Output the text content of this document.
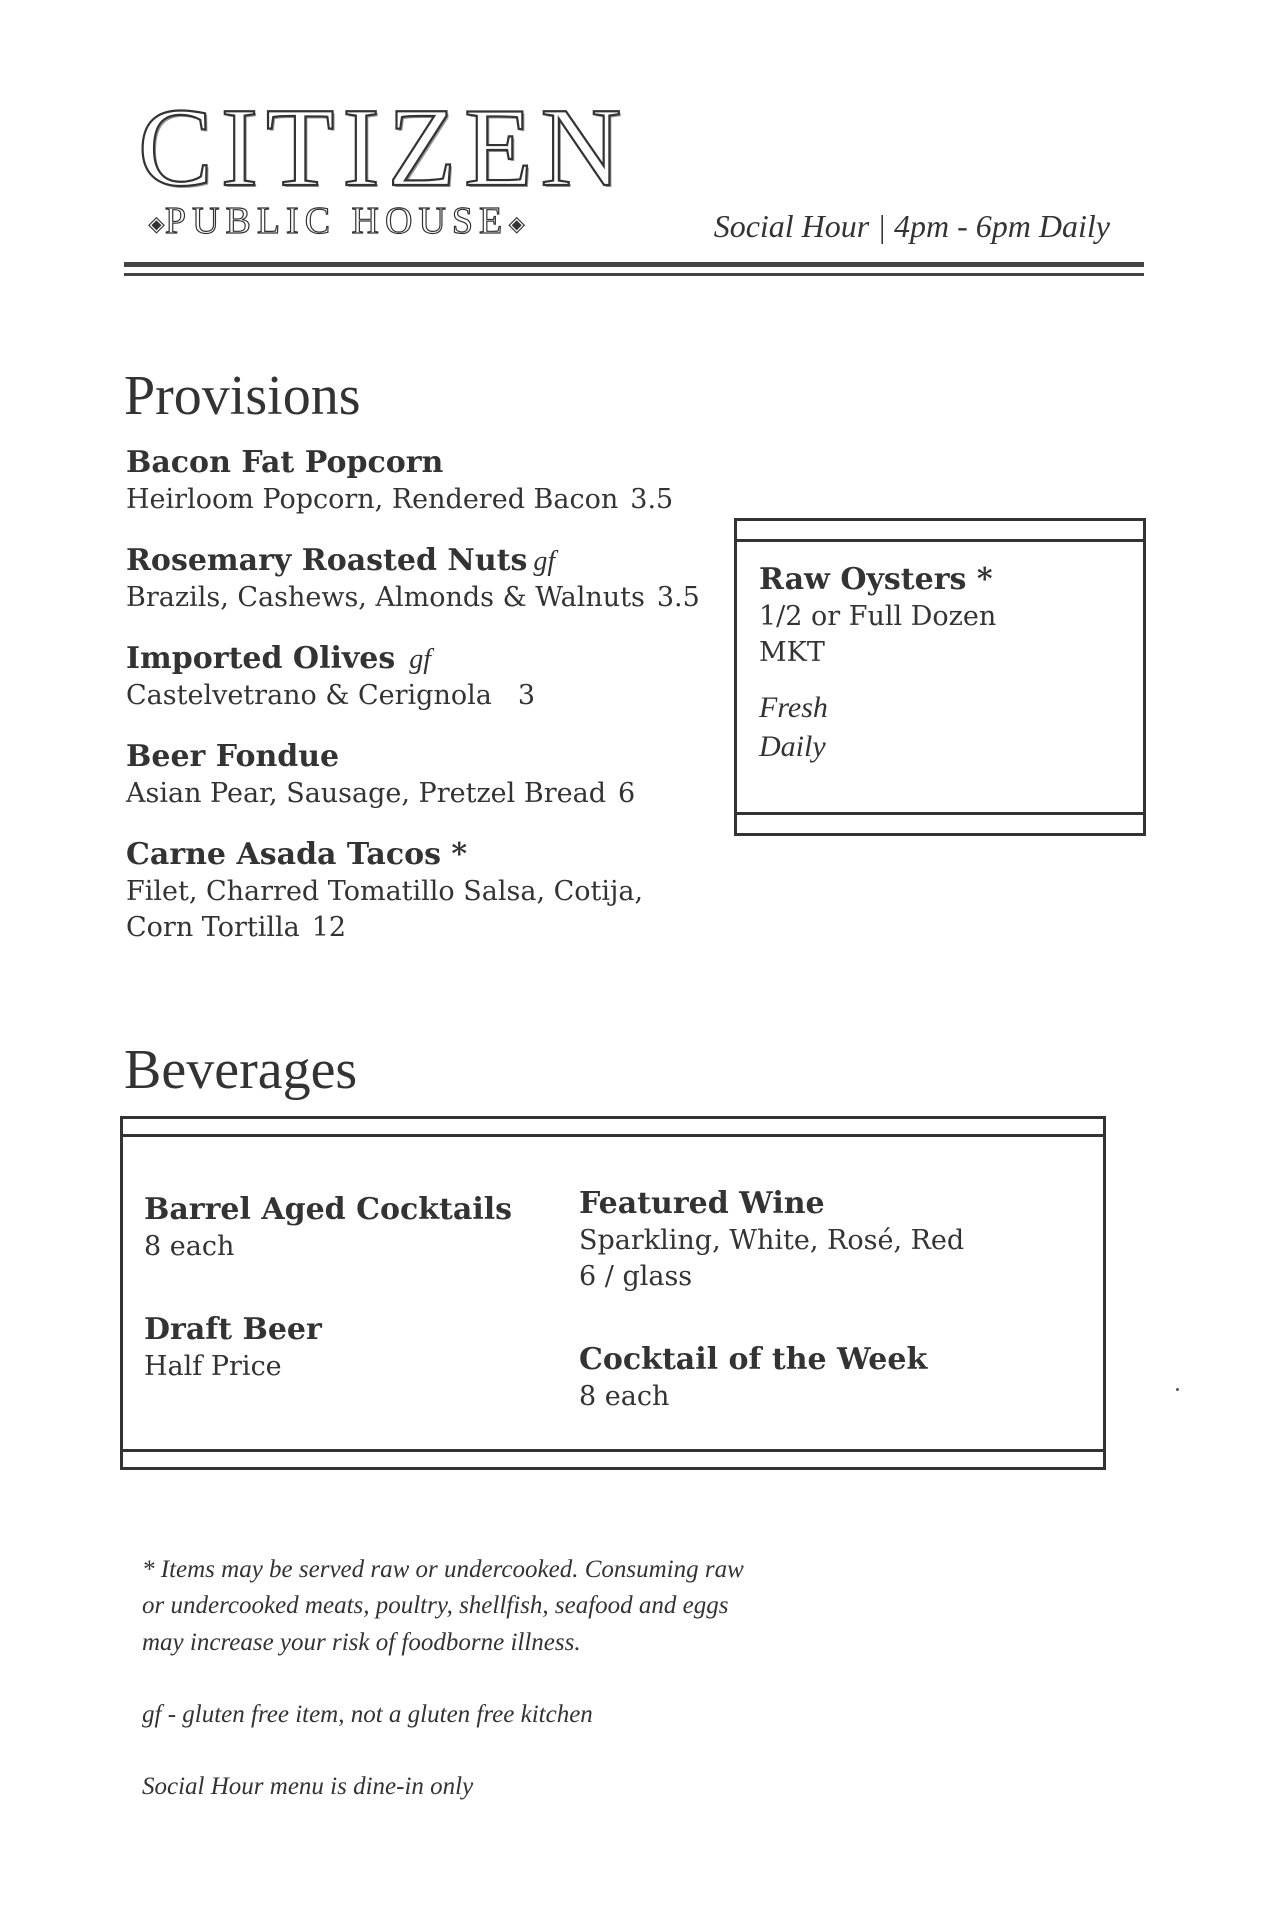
CITIZEN
◈PUBLIC HOUSE◈	Social Hour | 4pm - 6pm Daily
Provisions
Bacon Fat Popcorn
Heirloom Popcorn, Rendered Bacon 3.5
Rosemary Roasted Nuts gf
Brazils, Cashews, Almonds & Walnuts 3.5
Imported Olives gf
Castelvetrano & Cerignola 3
Beer Fondue
Asian Pear, Sausage, Pretzel Bread 6
Carne Asada Tacos *
Filet, Charred Tomatillo Salsa, Cotija,
Corn Tortilla 12
Raw Oysters *
1/2 or Full Dozen
MKT
Fresh
Daily
Beverages
Barrel Aged Cocktails
8 each
Draft Beer
Half Price
Featured Wine
Sparkling, White, Rosé, Red
6 / glass
Cocktail of the Week
8 each
* Items may be served raw or undercooked. Consuming raw
or undercooked meats, poultry, shellfish, seafood and eggs
may increase your risk of foodborne illness.
gf - gluten free item, not a gluten free kitchen
Social Hour menu is dine-in only
